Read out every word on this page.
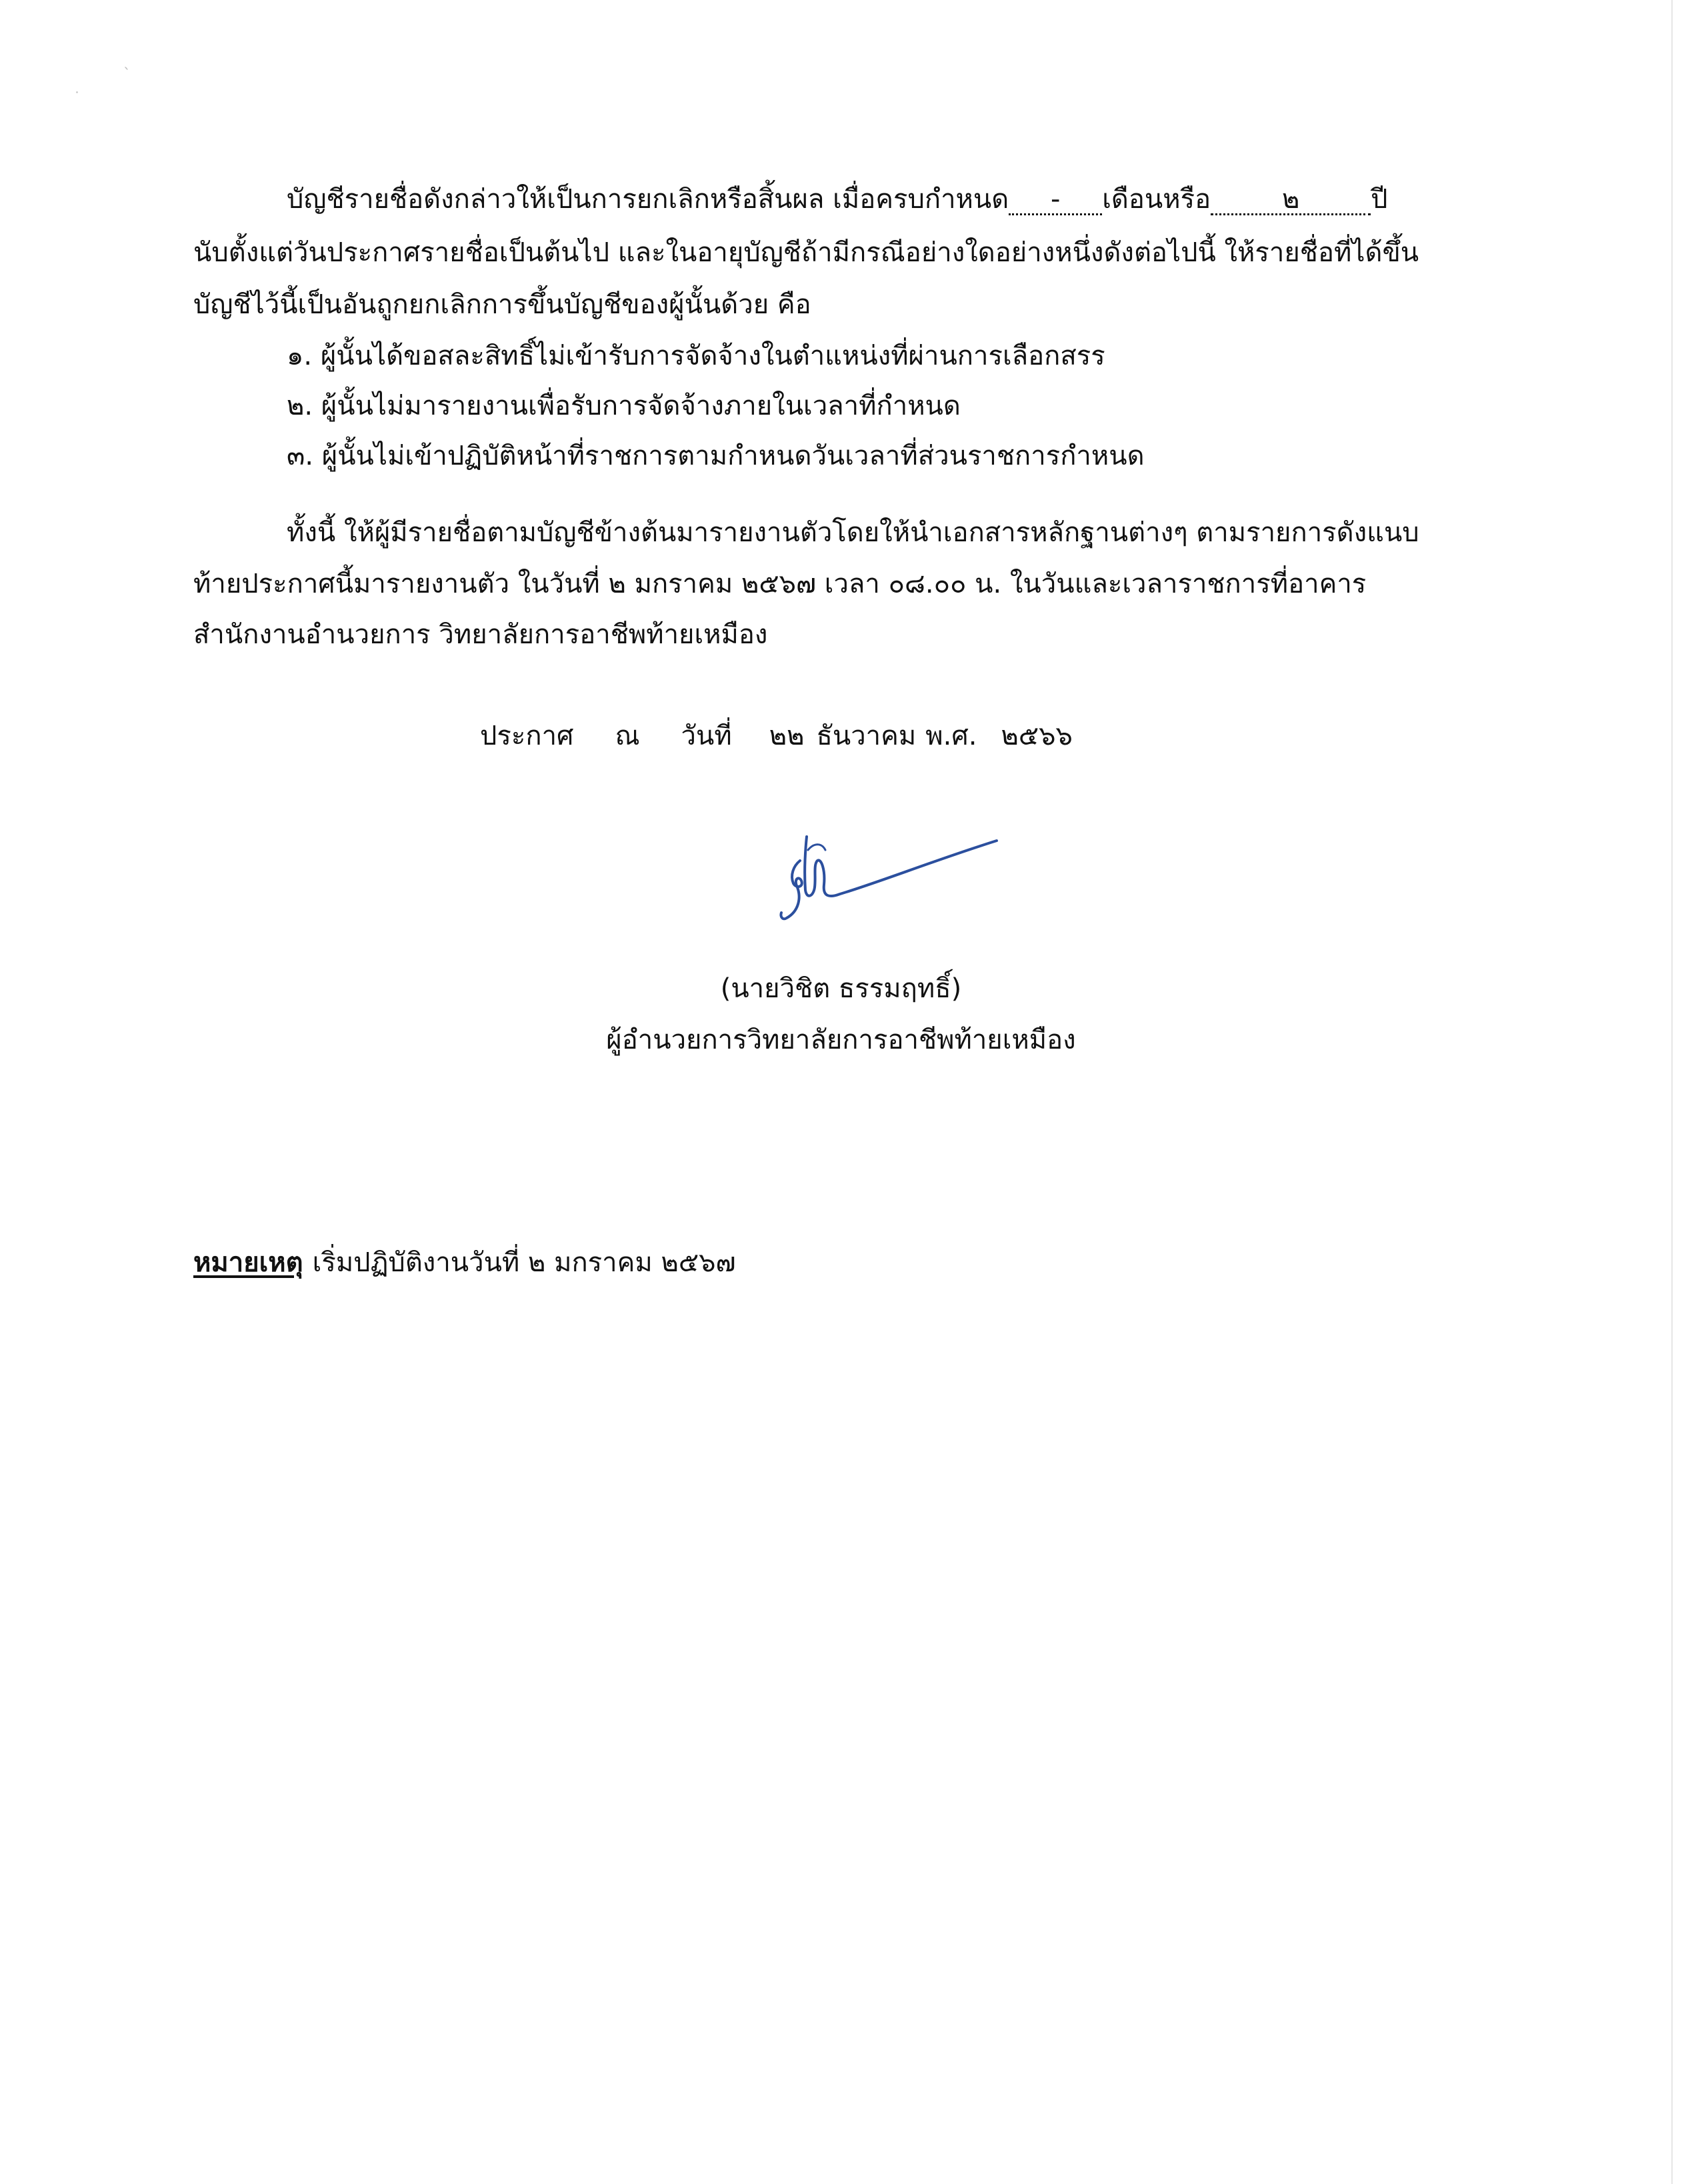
ˎ
˙
บัญชีรายชื่อดังกล่าวให้เป็นการยกเลิกหรือสิ้นผล เมื่อครบกำหนด - เดือนหรือ	๒	ปี
นับตั้งแต่วันประกาศรายชื่อเป็นต้นไป และในอายุบัญชีถ้ามีกรณีอย่างใดอย่างหนึ่งดังต่อไปนี้ ให้รายชื่อที่ได้ขึ้น
บัญชีไว้นี้เป็นอันถูกยกเลิกการขึ้นบัญชีของผู้นั้นด้วย คือ
๑. ผู้นั้นได้ขอสละสิทธิ์ไม่เข้ารับการจัดจ้างในตำแหน่งที่ผ่านการเลือกสรร
๒. ผู้นั้นไม่มารายงานเพื่อรับการจัดจ้างภายในเวลาที่กำหนด
๓. ผู้นั้นไม่เข้าปฏิบัติหน้าที่ราชการตามกำหนดวันเวลาที่ส่วนราชการกำหนด
ทั้งนี้ ให้ผู้มีรายชื่อตามบัญชีข้างต้นมารายงานตัวโดยให้นำเอกสารหลักฐานต่างๆ ตามรายการดังแนบ
ท้ายประกาศนี้มารายงานตัว ในวันที่ ๒ มกราคม ๒๕๖๗ เวลา ๐๘.๐๐ น. ในวันและเวลาราชการที่อาคาร
สำนักงานอำนวยการ วิทยาลัยการอาชีพท้ายเหมือง
ประกาศ ณ วันที่ ๒๒ ธันวาคม พ.ศ. ๒๕๖๖
(นายวิชิต ธรรมฤทธิ์)
ผู้อำนวยการวิทยาลัยการอาชีพท้ายเหมือง
หมายเหตุ เริ่มปฏิบัติงานวันที่ ๒ มกราคม ๒๕๖๗
